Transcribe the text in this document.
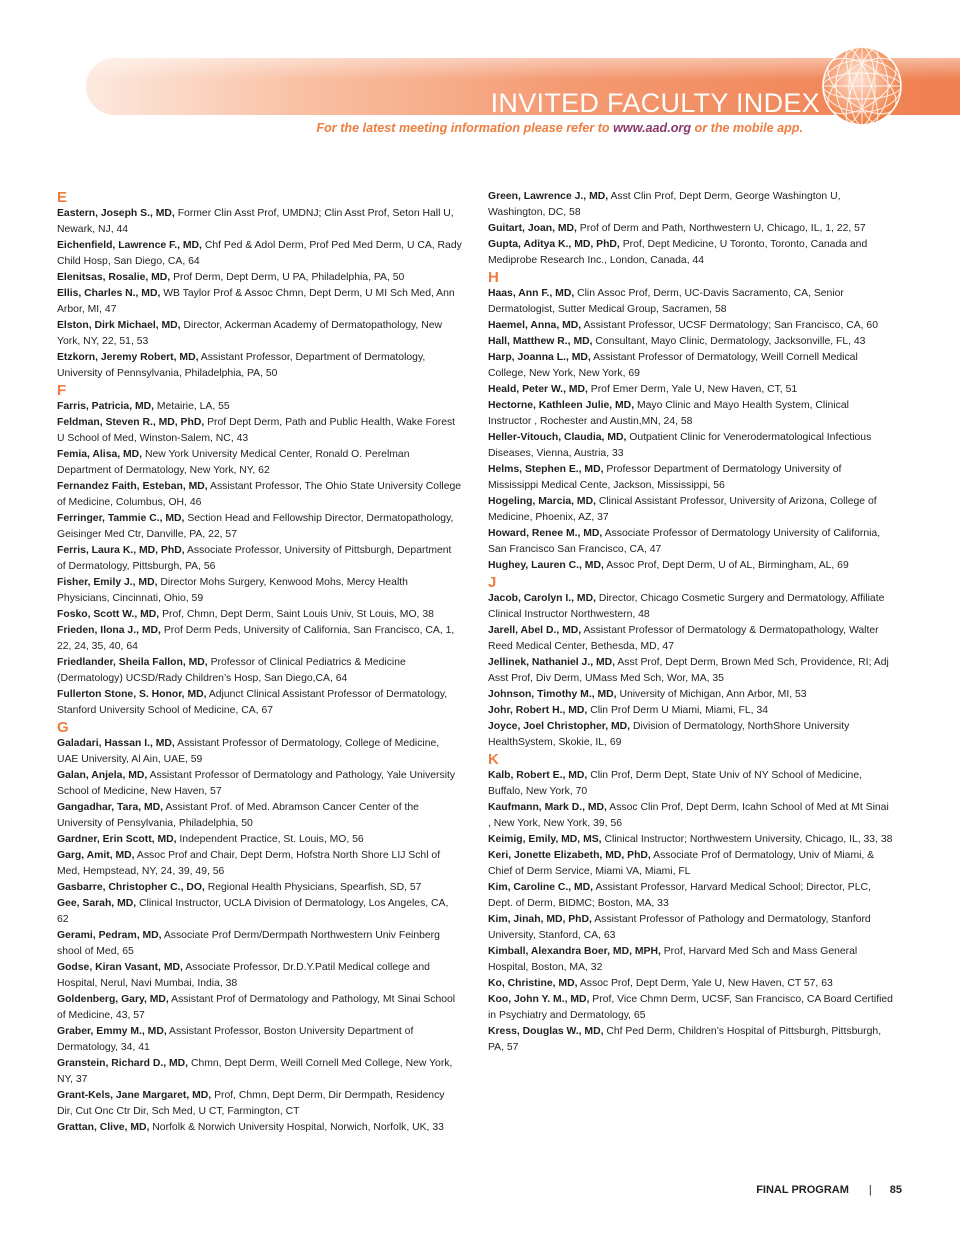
INVITED FACULTY INDEX
For the latest meeting information please refer to www.aad.org or the mobile app.
E

Eastern, Joseph S., MD, Former Clin Asst Prof, UMDNJ; Clin Asst Prof, Seton Hall U, Newark, NJ, 44

Eichenfield, Lawrence F., MD, Chf Ped & Adol Derm, Prof Ped Med Derm, U CA, Rady Child Hosp, San Diego, CA, 64

Elenitsas, Rosalie, MD, Prof Derm, Dept Derm, U PA, Philadelphia, PA, 50

Ellis, Charles N., MD, WB Taylor Prof & Assoc Chmn, Dept Derm, U MI Sch Med, Ann Arbor, MI, 47

Elston, Dirk Michael, MD, Director, Ackerman Academy of Dermatopathology, New York, NY, 22, 51, 53

Etzkorn, Jeremy Robert, MD, Assistant Professor, Department of Dermatology, University of Pennsylvania, Philadelphia, PA, 50

F

Farris, Patricia, MD, Metairie, LA, 55

Feldman, Steven R., MD, PhD, Prof Dept Derm, Path and Public Health, Wake Forest U School of Med, Winston-Salem, NC, 43

Femia, Alisa, MD, New York University Medical Center, Ronald O. Perelman Department of Dermatology, New York, NY, 62

Fernandez Faith, Esteban, MD, Assistant Professor, The Ohio State University College of Medicine, Columbus, OH, 46

Ferringer, Tammie C., MD, Section Head and Fellowship Director, Dermatopathology, Geisinger Med Ctr, Danville, PA, 22, 57

Ferris, Laura K., MD, PhD, Associate Professor, University of Pittsburgh, Department of Dermatology, Pittsburgh, PA, 56

Fisher, Emily J., MD, Director Mohs Surgery, Kenwood Mohs, Mercy Health Physicians, Cincinnati, Ohio, 59

Fosko, Scott W., MD, Prof, Chmn, Dept Derm, Saint Louis Univ, St Louis, MO, 38

Frieden, Ilona J., MD, Prof Derm Peds, University of California, San Francisco, CA, 1, 22, 24, 35, 40, 64

Friedlander, Sheila Fallon, MD, Professor of Clinical Pediatrics & Medicine (Dermatology) UCSD/Rady Children’s Hosp, San Diego,CA, 64

Fullerton Stone, S. Honor, MD, Adjunct Clinical Assistant Professor of Dermatology, Stanford University School of Medicine, CA, 67

G

Galadari, Hassan I., MD, Assistant Professor of Dermatology, College of Medicine, UAE University, Al Ain, UAE, 59

Galan, Anjela, MD, Assistant Professor of Dermatology and Pathology, Yale University School of Medicine, New Haven, 57

Gangadhar, Tara, MD, Assistant Prof. of Med. Abramson Cancer Center of the University of Pensylvania, Philadelphia, 50

Gardner, Erin Scott, MD, Independent Practice, St. Louis, MO, 56

Garg, Amit, MD, Assoc Prof and Chair, Dept Derm, Hofstra North Shore LIJ Schl of Med, Hempstead, NY, 24, 39, 49, 56

Gasbarre, Christopher C., DO, Regional Health Physicians, Spearfish, SD, 57

Gee, Sarah, MD, Clinical Instructor, UCLA Division of Dermatology, Los Angeles, CA, 62

Gerami, Pedram, MD, Associate Prof Derm/Dermpath Northwestern Univ Feinberg shool of Med, 65

Godse, Kiran Vasant, MD, Associate Professor, Dr.D.Y.Patil Medical college and Hospital, Nerul, Navi Mumbai, India, 38

Goldenberg, Gary, MD, Assistant Prof of Dermatology and Pathology, Mt Sinai School of Medicine, 43, 57

Graber, Emmy M., MD, Assistant Professor, Boston University Department of Dermatology, 34, 41

Granstein, Richard D., MD, Chmn, Dept Derm, Weill Cornell Med College, New York, NY, 37

Grant-Kels, Jane Margaret, MD, Prof, Chmn, Dept Derm, Dir Dermpath, Residency Dir, Cut Onc Ctr Dir, Sch Med, U CT, Farmington, CT

Grattan, Clive, MD, Norfolk & Norwich University Hospital, Norwich, Norfolk, UK, 33

Green, Lawrence J., MD, Asst Clin Prof, Dept Derm, George Washington U, Washington, DC, 58

Guitart, Joan, MD, Prof of Derm and Path, Northwestern U, Chicago, IL, 1, 22, 57

Gupta, Aditya K., MD, PhD, Prof, Dept Medicine, U Toronto, Toronto, Canada and Mediprobe Research Inc., London, Canada, 44

H

Haas, Ann F., MD, Clin Assoc Prof, Derm, UC-Davis Sacramento, CA, Senior Dermatologist, Sutter Medical Group, Sacramen, 58

Haemel, Anna, MD, Assistant Professor, UCSF Dermatology; San Francisco, CA, 60

Hall, Matthew R., MD, Consultant, Mayo Clinic, Dermatology, Jacksonville, FL, 43

Harp, Joanna L., MD, Assistant Professor of Dermatology, Weill Cornell Medical College, New York, New York, 69

Heald, Peter W., MD, Prof Emer Derm, Yale U, New Haven, CT, 51

Hectorne, Kathleen Julie, MD, Mayo Clinic and Mayo Health System, Clinical Instructor , Rochester and Austin,MN, 24, 58

Heller-Vitouch, Claudia, MD, Outpatient Clinic for Venerodermatological Infectious Diseases, Vienna, Austria, 33

Helms, Stephen E., MD, Professor Department of Dermatology University of Mississippi Medical Cente, Jackson, Mississippi, 56

Hogeling, Marcia, MD, Clinical Assistant Professor, University of Arizona, College of Medicine, Phoenix, AZ, 37

Howard, Renee M., MD, Associate Professor of Dermatology University of California, San Francisco San Francisco, CA, 47

Hughey, Lauren C., MD, Assoc Prof, Dept Derm, U of AL, Birmingham, AL, 69

J

Jacob, Carolyn I., MD, Director, Chicago Cosmetic Surgery and Dermatology, Affiliate Clinical Instructor Northwestern, 48

Jarell, Abel D., MD, Assistant Professor of Dermatology & Dermatopathology, Walter Reed Medical Center, Bethesda, MD, 47

Jellinek, Nathaniel J., MD, Asst Prof, Dept Derm, Brown Med Sch, Providence, RI; Adj Asst Prof, Div Derm, UMass Med Sch, Wor, MA, 35

Johnson, Timothy M., MD, University of Michigan, Ann Arbor, MI, 53

Johr, Robert H., MD, Clin Prof Derm U Miami, Miami, FL, 34

Joyce, Joel Christopher, MD, Division of Dermatology, NorthShore University HealthSystem, Skokie, IL, 69

K

Kalb, Robert E., MD, Clin Prof, Derm Dept, State Univ of NY School of Medicine, Buffalo, New York, 70

Kaufmann, Mark D., MD, Assoc Clin Prof, Dept Derm, Icahn School of Med at Mt Sinai , New York, New York, 39, 56

Keimig, Emily, MD, MS, Clinical Instructor; Northwestern University, Chicago, IL, 33, 38

Keri, Jonette Elizabeth, MD, PhD, Associate Prof of Dermatology, Univ of Miami, & Chief of Derm Service, Miami VA, Miami, FL

Kim, Caroline C., MD, Assistant Professor, Harvard Medical School; Director, PLC, Dept. of Derm, BIDMC; Boston, MA, 33

Kim, Jinah, MD, PhD, Assistant Professor of Pathology and Dermatology, Stanford University, Stanford, CA, 63

Kimball, Alexandra Boer, MD, MPH, Prof, Harvard Med Sch and Mass General Hospital, Boston, MA, 32

Ko, Christine, MD, Assoc Prof, Dept Derm, Yale U, New Haven, CT 57, 63

Koo, John Y. M., MD, Prof, Vice Chmn Derm, UCSF, San Francisco, CA Board Certified in Psychiatry and Dermatology, 65

Kress, Douglas W., MD, Chf Ped Derm, Children’s Hospital of Pittsburgh, Pittsburgh, PA, 57

FINAL PROGRAM | 85
